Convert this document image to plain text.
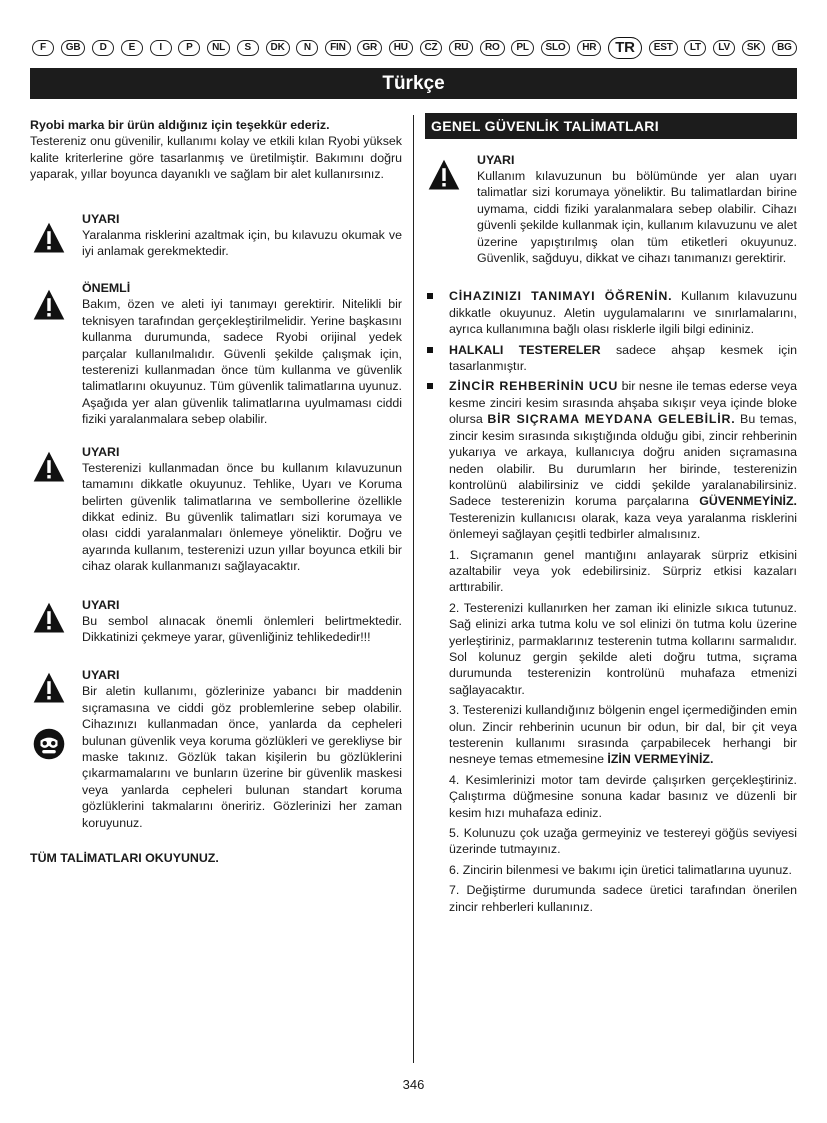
F	GB	D	E	I	P	NL	S	DK	N	FIN	GR	HU	CZ	RU	RO	PL	SLO	HR	TR	EST	LT	LV	SK	BG
Türkçe

Ryobi marka bir ürün aldığınız için teşekkür ederiz.
Testereniz onu güvenilir, kullanımı kolay ve etkili kılan Ryobi yüksek kalite kriterlerine göre tasarlanmış ve üretilmiştir. Bakımını doğru yaparak, yıllar boyunca dayanıklı ve sağlam bir alet kullanırsınız.

UYARI

Yaralanma risklerini azaltmak için, bu kılavuzu okumak ve iyi anlamak gerekmektedir.

ÖNEMLİ

Bakım, özen ve aleti iyi tanımayı gerektirir. Nitelikli bir teknisyen tarafından gerçekleştirilmelidir. Yerine başkasını kullanma durumunda, sadece Ryobi orijinal yedek parçalar kullanılmalıdır. Güvenli şekilde çalışmak için, testerenizi kullanmadan önce tüm kullanma ve güvenlik talimatlarını okuyunuz. Tüm güvenlik talimatlarına uyunuz. Aşağıda yer alan güvenlik talimatlarına uyulmaması ciddi fiziki yaralanmalara sebep olabilir.

UYARI

Testerenizi kullanmadan önce bu kullanım kılavuzunun tamamını dikkatle okuyunuz. Tehlike, Uyarı ve Koruma belirten güvenlik talimatlarına ve sembollerine özellikle dikkat ediniz. Bu güvenlik talimatları sizi korumaya ve olası ciddi yaralanmaları önlemeye yöneliktir. Doğru ve ayarında kullanım, testerenizi uzun yıllar boyunca etkili bir cihaz olarak kullanmanızı sağlayacaktır.

UYARI

Bu sembol alınacak önemli önlemleri belirtmektedir. Dikkatinizi çekmeye yarar, güvenliğiniz tehlikededir!!!

UYARI

Bir aletin kullanımı, gözlerinize yabancı bir maddenin sıçramasına ve ciddi göz problemlerine sebep olabilir. Cihazınızı kullanmadan önce, yanlarda da cepheleri bulunan güvenlik veya koruma gözlükleri ve gerekliyse bir maske takınız. Gözlük takan kişilerin bu gözlüklerini çıkarmamalarını ve bunların üzerine bir güvenlik maskesi veya yanlarda cepheleri bulunan standart koruma gözlüklerini takmalarını öneririz. Gözlerinizi her zaman koruyunuz.

TÜM TALİMATLARI OKUYUNUZ.
GENEL GÜVENLİK TALİMATLARI
UYARI

Kullanım kılavuzunun bu bölümünde yer alan uyarı talimatlar sizi korumaya yöneliktir. Bu talimatlardan birine uymama, ciddi fiziki yaralanmalara sebep olabilir. Cihazı güvenli şekilde kullanmak için, kullanım kılavuzunu ve alet üzerine yapıştırılmış olan tüm etiketleri okuyunuz. Güvenlik, sağduyu, dikkat ve cihazı tanımanızı gerektirir.

CİHAZINIZI TANIMAYI ÖĞRENİN. Kullanım kılavuzunu dikkatle okuyunuz. Aletin uygulamalarını ve sınırlamalarını, ayrıca kullanımına bağlı olası risklerle ilgili bilgi edininiz.

HALKALI TESTERELER sadece ahşap kesmek için tasarlanmıştır.

ZİNCİR REHBERİNİN UCU bir nesne ile temas ederse veya kesme zinciri kesim sırasında ahşaba sıkışır veya içinde bloke olursa BİR SIÇRAMA MEYDANA GELEBİLİR. Bu temas, zincir kesim sırasında sıkıştığında olduğu gibi, zincir rehberinin yukarıya ve arkaya, kullanıcıya doğru aniden sıçramasına neden olabilir. Bu durumların her birinde, testerenizin kontrolünü alabilirsiniz ve ciddi şekilde yaralanabilirsiniz. Sadece testerenizin koruma parçalarına GÜVENMEYİNİZ. Testerenizin kullanıcısı olarak, kaza veya yaralanma risklerini önlemeyi sağlayan çeşitli tedbirler almalısınız.

1. Sıçramanın genel mantığını anlayarak sürpriz etkisini azaltabilir veya yok edebilirsiniz. Sürpriz etkisi kazaları arttırabilir.

2. Testerenizi kullanırken her zaman iki elinizle sıkıca tutunuz. Sağ elinizi arka tutma kolu ve sol elinizi ön tutma kolu üzerine yerleştiriniz, parmaklarınız testerenin tutma kollarını sarmalıdır. Sol kolunuz gergin şekilde aleti doğru tutma, sıçrama durumunda testerenizin kontrolünü muhafaza etmenizi sağlayacaktır.

3. Testerenizi kullandığınız bölgenin engel içermediğinden emin olun. Zincir rehberinin ucunun bir odun, bir dal, bir çit veya testerenin kullanımı sırasında çarpabilecek herhangi bir nesneye temas etmemesine İZİN VERMEYİNİZ.

4. Kesimlerinizi motor tam devirde çalışırken gerçekleştiriniz. Çalıştırma düğmesine sonuna kadar basınız ve düzenli bir kesim hızı muhafaza ediniz.

5. Kolunuzu çok uzağa germeyiniz ve testereyi göğüs seviyesi üzerinde tutmayınız.

6. Zincirin bilenmesi ve bakımı için üretici talimatlarına uyunuz.

7. Değiştirme durumunda sadece üretici tarafından önerilen zincir rehberleri kullanınız.

346
